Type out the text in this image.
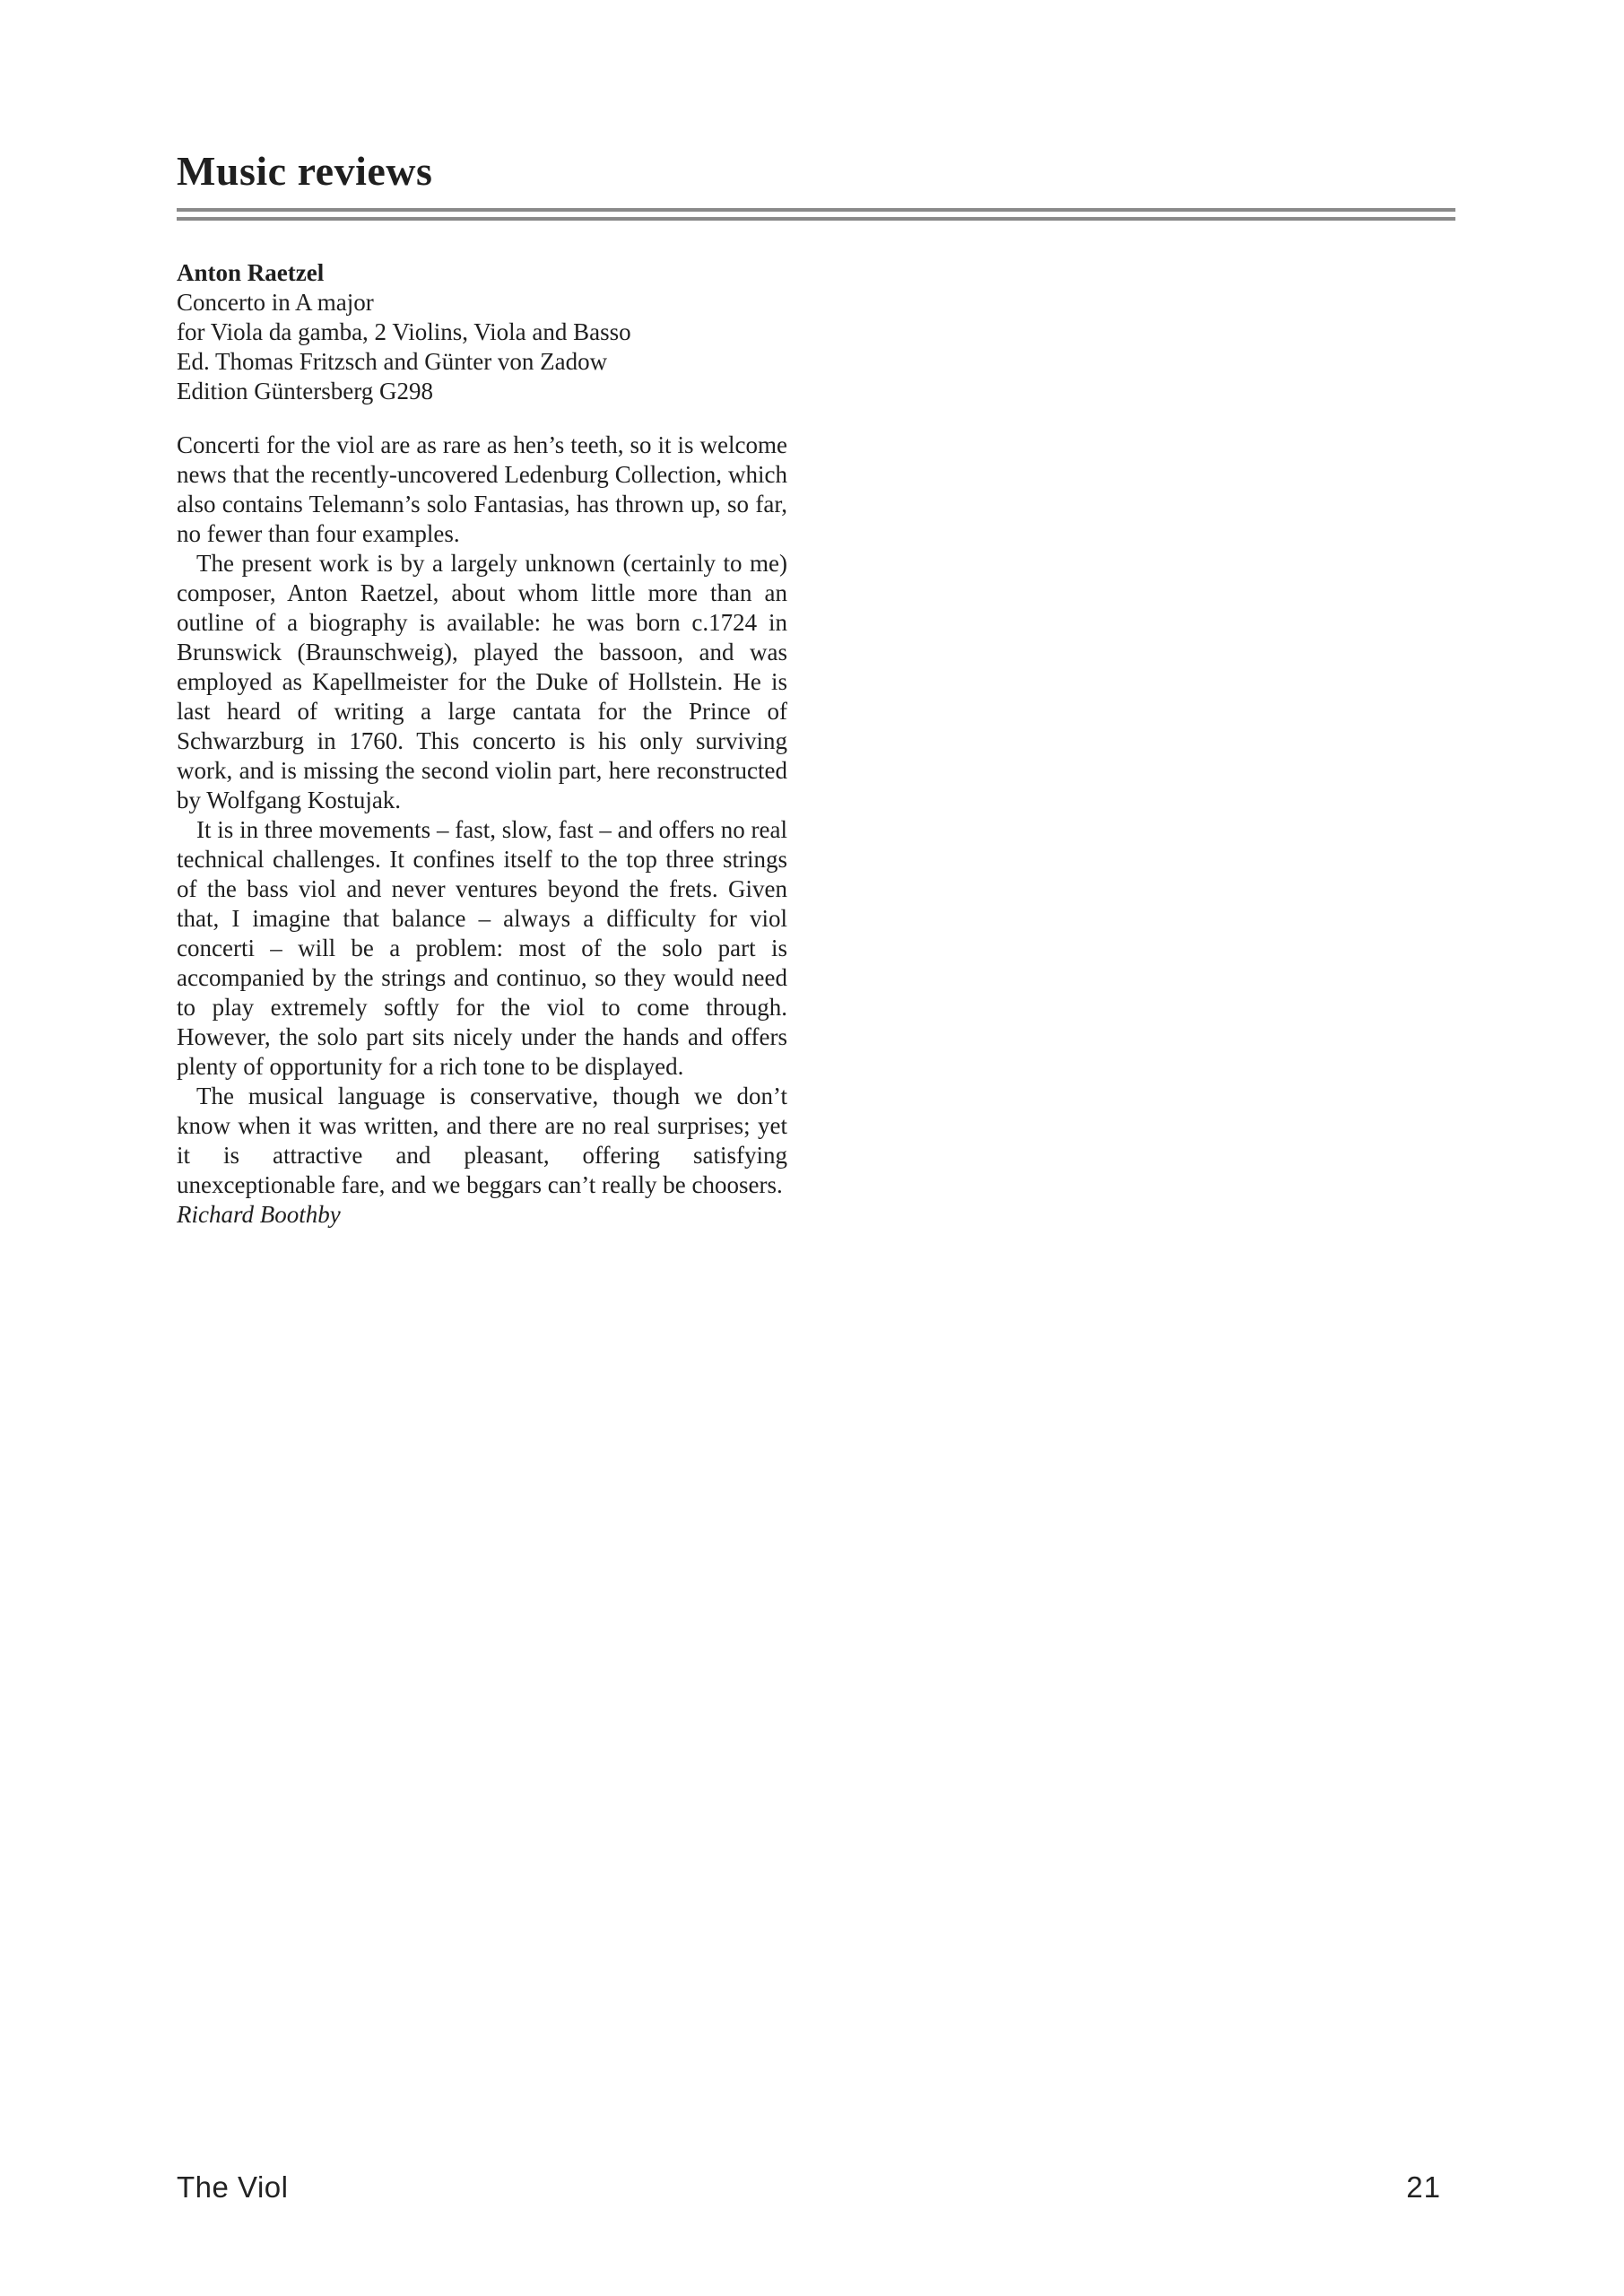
Music reviews
Anton Raetzel
Concerto in A major
for Viola da gamba, 2 Violins, Viola and Basso
Ed. Thomas Fritzsch and Günter von Zadow
Edition Güntersberg G298

Concerti for the viol are as rare as hen’s teeth, so it is welcome news that the recently-uncovered Ledenburg Collection, which also contains Telemann’s solo Fantasias, has thrown up, so far, no fewer than four examples.

The present work is by a largely unknown (certainly to me) composer, Anton Raetzel, about whom little more than an outline of a biography is available: he was born c.1724 in Brunswick (Braunschweig), played the bassoon, and was employed as Kapellmeister for the Duke of Hollstein. He is last heard of writing a large cantata for the Prince of Schwarzburg in 1760. This concerto is his only surviving work, and is missing the second violin part, here reconstructed by Wolfgang Kostujak.

It is in three movements – fast, slow, fast – and offers no real technical challenges. It confines itself to the top three strings of the bass viol and never ventures beyond the frets. Given that, I imagine that balance – always a difficulty for viol concerti – will be a problem: most of the solo part is accompanied by the strings and continuo, so they would need to play extremely softly for the viol to come through. However, the solo part sits nicely under the hands and offers plenty of opportunity for a rich tone to be displayed.

The musical language is conservative, though we don’t know when it was written, and there are no real surprises; yet it is attractive and pleasant, offering satisfying unexceptionable fare, and we beggars can’t really be choosers.

Richard Boothby

The Viol	21
